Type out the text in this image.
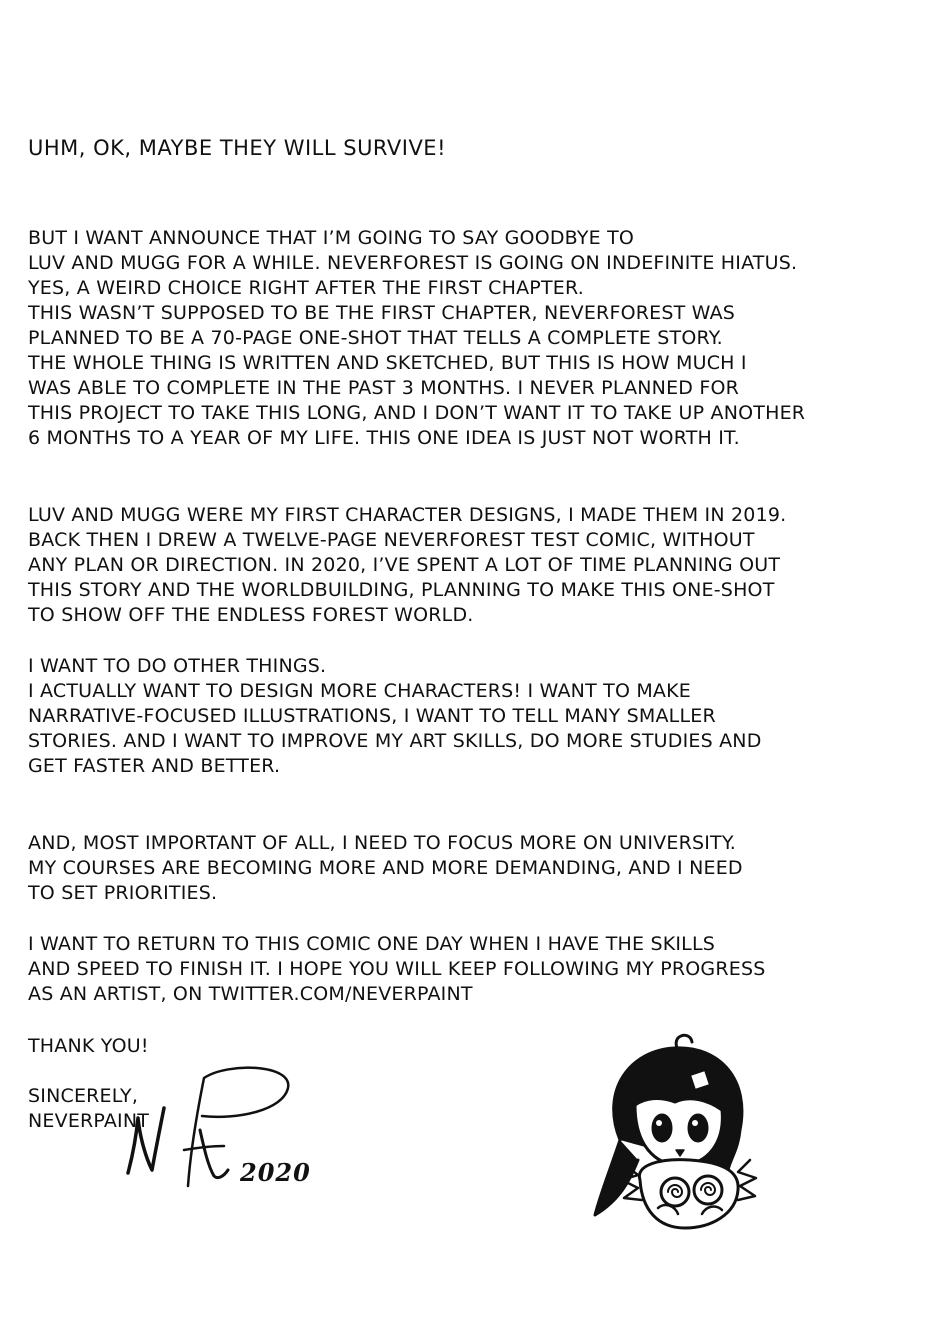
UHM, OK, MAYBE THEY WILL SURVIVE!

BUT I WANT ANNOUNCE THAT I’M GOING TO SAY GOODBYE TO

LUV AND MUGG FOR A WHILE. NEVERFOREST IS GOING ON INDEFINITE HIATUS.

YES, A WEIRD CHOICE RIGHT AFTER THE FIRST CHAPTER.

THIS WASN’T SUPPOSED TO BE THE FIRST CHAPTER, NEVERFOREST WAS

PLANNED TO BE A 70-PAGE ONE-SHOT THAT TELLS A COMPLETE STORY.

THE WHOLE THING IS WRITTEN AND SKETCHED, BUT THIS IS HOW MUCH I

WAS ABLE TO COMPLETE IN THE PAST 3 MONTHS. I NEVER PLANNED FOR

THIS PROJECT TO TAKE THIS LONG, AND I DON’T WANT IT TO TAKE UP ANOTHER

6 MONTHS TO A YEAR OF MY LIFE. THIS ONE IDEA IS JUST NOT WORTH IT.

LUV AND MUGG WERE MY FIRST CHARACTER DESIGNS, I MADE THEM IN 2019.

BACK THEN I DREW A TWELVE-PAGE NEVERFOREST TEST COMIC, WITHOUT

ANY PLAN OR DIRECTION. IN 2020, I’VE SPENT A LOT OF TIME PLANNING OUT

THIS STORY AND THE WORLDBUILDING, PLANNING TO MAKE THIS ONE-SHOT

TO SHOW OFF THE ENDLESS FOREST WORLD.

I WANT TO DO OTHER THINGS.

I ACTUALLY WANT TO DESIGN MORE CHARACTERS! I WANT TO MAKE

NARRATIVE-FOCUSED ILLUSTRATIONS, I WANT TO TELL MANY SMALLER

STORIES. AND I WANT TO IMPROVE MY ART SKILLS, DO MORE STUDIES AND

GET FASTER AND BETTER.

AND, MOST IMPORTANT OF ALL, I NEED TO FOCUS MORE ON UNIVERSITY.

MY COURSES ARE BECOMING MORE AND MORE DEMANDING, AND I NEED

TO SET PRIORITIES.

I WANT TO RETURN TO THIS COMIC ONE DAY WHEN I HAVE THE SKILLS

AND SPEED TO FINISH IT. I HOPE YOU WILL KEEP FOLLOWING MY PROGRESS

AS AN ARTIST, ON TWITTER.COM/NEVERPAINT

THANK YOU!

SINCERELY,

NEVERPAINT

2020
